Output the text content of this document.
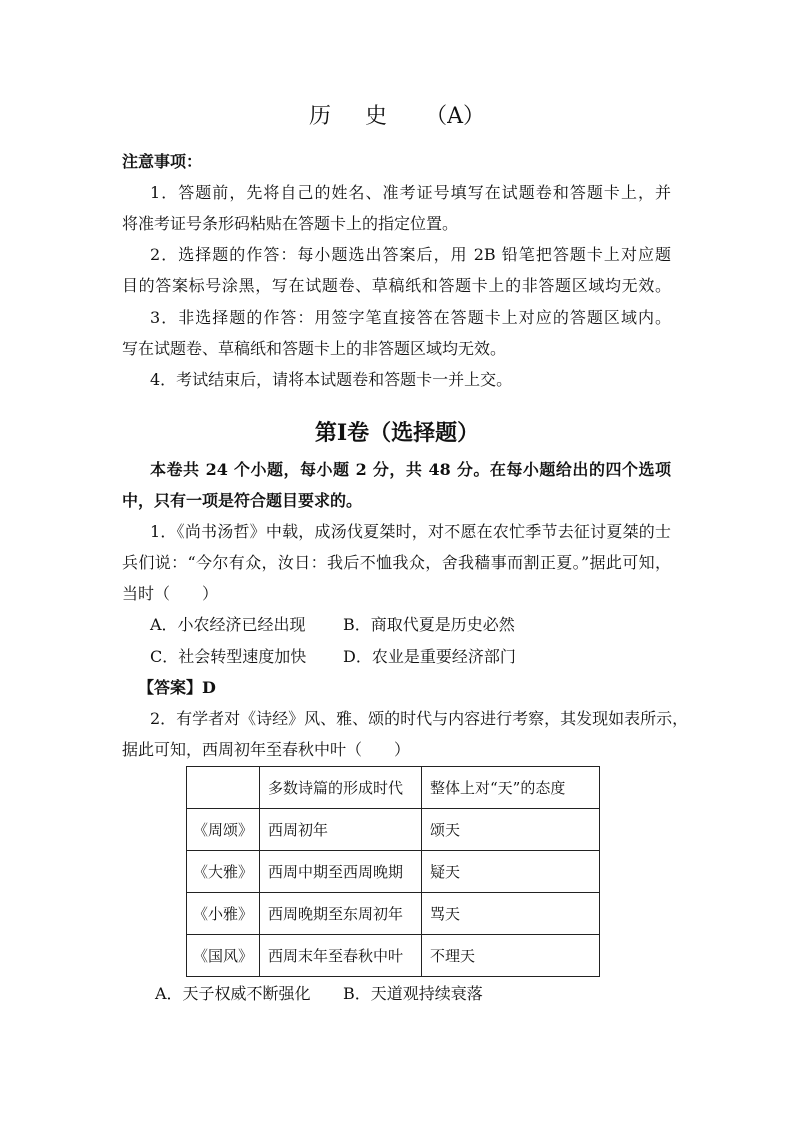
历 史 （A）
注意事项：
1．答题前，先将自己的姓名、准考证号填写在试题卷和答题卡上，并
将准考证号条形码粘贴在答题卡上的指定位置。
2．选择题的作答：每小题选出答案后，用 2B 铅笔把答题卡上对应题
目的答案标号涂黑，写在试题卷、草稿纸和答题卡上的非答题区域均无效。
3．非选择题的作答：用签字笔直接答在答题卡上对应的答题区域内。
写在试题卷、草稿纸和答题卡上的非答题区域均无效。
4．考试结束后，请将本试题卷和答题卡一并上交。
第Ⅰ卷（选择题）
本卷共 24 个小题，每小题 2 分，共 48 分。在每小题给出的四个选项
中，只有一项是符合题目要求的。
1．《尚书汤哲》中载，成汤伐夏桀时，对不愿在农忙季节去征讨夏桀的士
兵们说：“今尔有众，汝日：我后不恤我众，舍我穑事而割正夏。”据此可知，
当时（　　）
A．小农经济已经出现 B．商取代夏是历史必然
C．社会转型速度加快 D．农业是重要经济部门
【答案】D
2．有学者对《诗经》风、雅、颂的时代与内容进行考察，其发现如表所示，
据此可知，西周初年至春秋中叶（　　）
	多数诗篇的形成时代	整体上对“天”的态度
《周颂》	西周初年	颂天
《大雅》	西周中期至西周晚期	疑天
《小雅》	西周晚期至东周初年	骂天
《国风》	西周末年至春秋中叶	不理天
A．天子权威不断强化 B．天道观持续衰落
